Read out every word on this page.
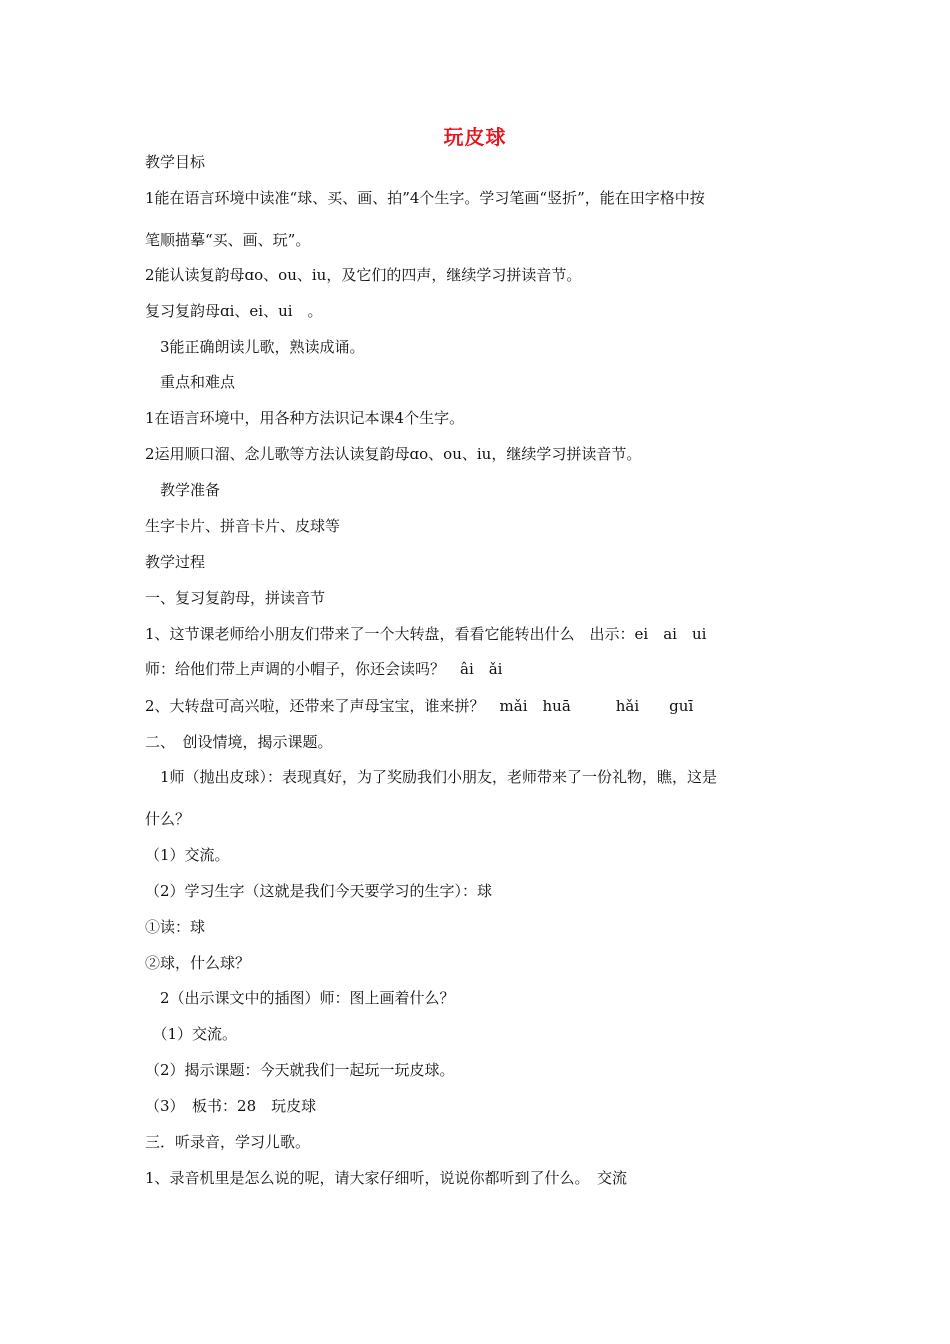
玩皮球

教学目标

1能在语言环境中读准“球、买、画、拍”4个生字。学习笔画“竖折”，能在田字格中按

笔顺描摹“买、画、玩”。

2能认读复韵母ɑo、ou、iu，及它们的四声，继续学习拼读音节。

复习复韵母ɑi、ei、ui　。

　3能正确朗读儿歌，熟读成诵。

　重点和难点

1在语言环境中，用各种方法识记本课4个生字。

2运用顺口溜、念儿歌等方法认读复韵母ɑo、ou、iu，继续学习拼读音节。

　教学准备

生字卡片、拼音卡片、皮球等

教学过程

一、复习复韵母，拼读音节

1、这节课老师给小朋友们带来了一个大转盘，看看它能转出什么　出示：ei　ai　ui

师：给他们带上声调的小帽子，你还会读吗？　âi　ǎi

2、大转盘可高兴啦，还带来了声母宝宝，谁来拼？　mǎi　huā　　　hǎi　　guī

二、　创设情境，揭示课题。

　1师（抛出皮球）：表现真好，为了奖励我们小朋友，老师带来了一份礼物，瞧，这是

什么？

（1）交流。

（2）学习生字（这就是我们今天要学习的生字）：球

①读：球

②球，什么球？

　2（出示课文中的插图）师：图上画着什么？

　（1）交流。

（2）揭示课题：今天就我们一起玩一玩皮球。

（3）　板书：28　玩皮球

三．听录音，学习儿歌。

1、录音机里是怎么说的呢，请大家仔细听，说说你都听到了什么。　交流
